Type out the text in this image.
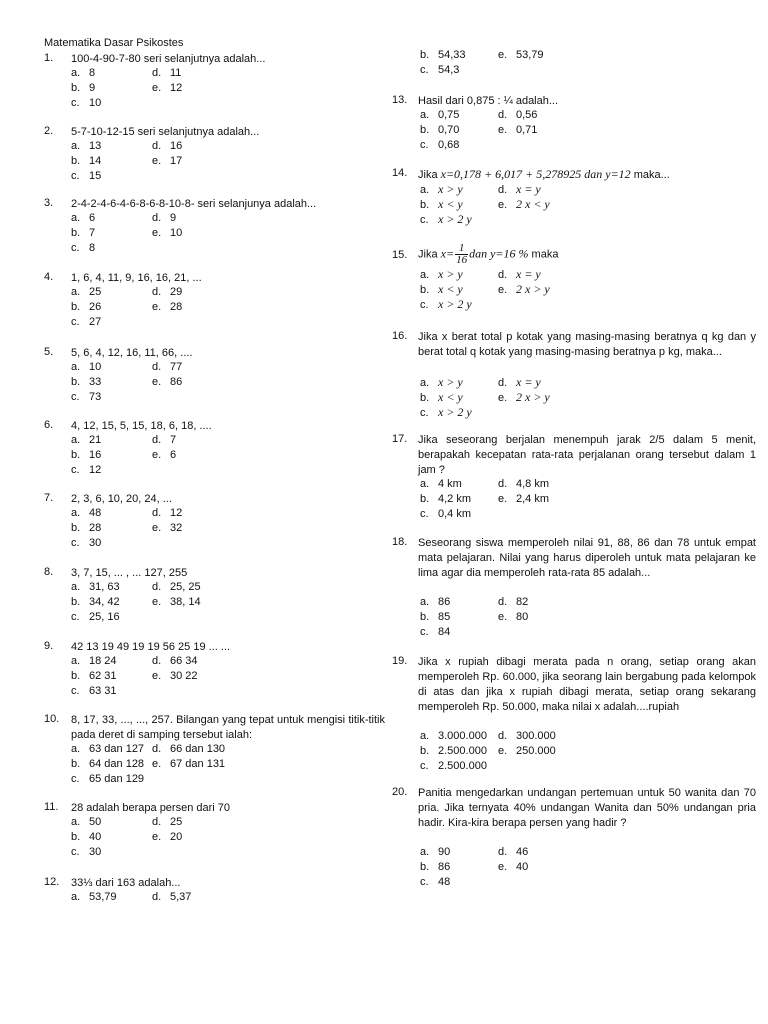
Matematika Dasar Psikostes
1.	100-4-90-7-80 seri selanjutnya adalah...
a. 8	d. 11
b. 9	e. 12
c. 10
2.	5-7-10-12-15 seri selanjutnya adalah...
a. 13	d. 16
b. 14	e. 17
c. 15
3.	2-4-2-4-6-4-6-8-6-8-10-8- seri selanjunya adalah...
a. 6	d. 9
b. 7	e. 10
c. 8
4.	1, 6, 4, 11, 9, 16, 16, 21, ...
a. 25	d. 29
b. 26	e. 28
c. 27
5.	5, 6, 4, 12, 16, 11, 66, ....
a. 10	d. 77
b. 33	e. 86
c. 73
6.	4, 12, 15, 5, 15, 18, 6, 18, ....
a. 21	d. 7
b. 16	e. 6
c. 12
7.	2, 3, 6, 10, 20, 24, ...
a. 48	d. 12
b. 28	e. 32
c. 30
8.	3, 7, 15, ... , ... 127, 255
a. 31, 63	d. 25, 25
b. 34, 42	e. 38, 14
c. 25, 16
9.	42 13 19 49 19 19 56 25 19 ... ...
a. 18 24	d. 66 34
b. 62 31	e. 30 22
c. 63 31
10.	8, 17, 33, ..., ..., 257. Bilangan yang tepat untuk mengisi titik-titik pada deret di samping tersebut ialah:
a. 63 dan 127 d. 66 dan 130
b. 64 dan 128 e. 67 dan 131
c. 65 dan 129
11.	28 adalah berapa persen dari 70
a. 50	d. 25
b. 40	e. 20
c. 30
12.	33⅓ dari 163 adalah...
a. 53,79	d. 5,37
b. 54,33	e. 53,79
c. 54,3
13. Hasil dari 0,875 : ¼ adalah...
a. 0,75	d. 0,56
b. 0,70	e. 0,71
c. 0,68
14. Jika x=0,178 + 6,017 + 5,278925 dan y=12 maka...
a. x > y	d. x = y
b. x < y	e. 2 x < y
c. x > 2 y
15. Jika $x= \frac{1}{16}$ dan y=16 % maka
a. x > y	d. x = y
b. x < y	e. 2 x > y
c. x > 2 y
16. Jika x berat total p kotak yang masing-masing beratnya q kg dan y berat total q kotak yang masing-masing beratnya p kg, maka...
a. x > y	d. x = y
b. x < y	e. 2 x > y
c. x > 2 y
17. Jika seseorang berjalan menempuh jarak 2/5 dalam 5 menit, berapakah kecepatan rata-rata perjalanan orang tersebut dalam 1 jam ?
a. 4 km	d. 4,8 km
b. 4,2 km e. 2,4 km
c. 0,4 km
18. Seseorang siswa memperoleh nilai 91, 88, 86 dan 78 untuk empat mata pelajaran. Nilai yang harus diperoleh untuk mata pelajaran ke lima agar dia memperoleh rata-rata 85 adalah...
a. 86	d. 82
b. 85	e. 80
c. 84
19. Jika x rupiah dibagi merata pada n orang, setiap orang akan memperoleh Rp. 60.000, jika seorang lain bergabung pada kelompok di atas dan jika x rupiah dibagi merata, setiap orang sekarang memperoleh Rp. 50.000, maka nilai x adalah....rupiah
a. 3.000.000 d. 300.000
b. 2.500.000 e. 250.000
c. 2.500.000
20. Panitia mengedarkan undangan pertemuan untuk 50 wanita dan 70 pria. Jika ternyata 40% undangan Wanita dan 50% undangan pria hadir. Kira-kira berapa persen yang hadir ?
a. 90	d. 46
b. 86	e. 40
c. 48
